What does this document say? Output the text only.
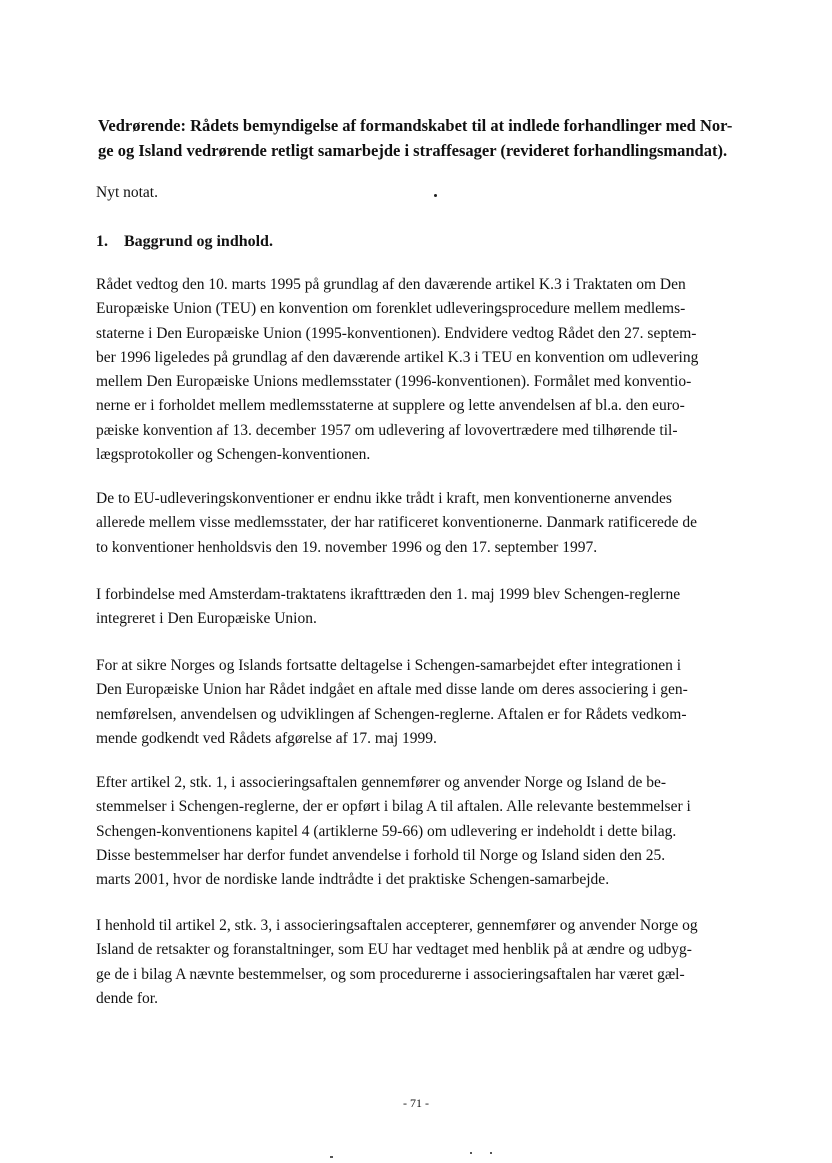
Vedrørende: Rådets bemyndigelse af formandskabet til at indlede forhandlinger med Nor-
ge og Island vedrørende retligt samarbejde i straffesager (revideret forhandlingsmandat).
Nyt notat.
1. Baggrund og indhold.
Rådet vedtog den 10. marts 1995 på grundlag af den daværende artikel K.3 i Traktaten om Den
Europæiske Union (TEU) en konvention om forenklet udleveringsprocedure mellem medlems-
staterne i Den Europæiske Union (1995-konventionen). Endvidere vedtog Rådet den 27. septem-
ber 1996 ligeledes på grundlag af den daværende artikel K.3 i TEU en konvention om udlevering
mellem Den Europæiske Unions medlemsstater (1996-konventionen). Formålet med konventio-
nerne er i forholdet mellem medlemsstaterne at supplere og lette anvendelsen af bl.a. den euro-
pæiske konvention af 13. december 1957 om udlevering af lovovertrædere med tilhørende til-
lægsprotokoller og Schengen-konventionen.
De to EU-udleveringskonventioner er endnu ikke trådt i kraft, men konventionerne anvendes
allerede mellem visse medlemsstater, der har ratificeret konventionerne. Danmark ratificerede de
to konventioner henholdsvis den 19. november 1996 og den 17. september 1997.
I forbindelse med Amsterdam-traktatens ikrafttræden den 1. maj 1999 blev Schengen-reglerne
integreret i Den Europæiske Union.
For at sikre Norges og Islands fortsatte deltagelse i Schengen-samarbejdet efter integrationen i
Den Europæiske Union har Rådet indgået en aftale med disse lande om deres associering i gen-
nemførelsen, anvendelsen og udviklingen af Schengen-reglerne. Aftalen er for Rådets vedkom-
mende godkendt ved Rådets afgørelse af 17. maj 1999.
Efter artikel 2, stk. 1, i associeringsaftalen gennemfører og anvender Norge og Island de be-
stemmelser i Schengen-reglerne, der er opført i bilag A til aftalen. Alle relevante bestemmelser i
Schengen-konventionens kapitel 4 (artiklerne 59-66) om udlevering er indeholdt i dette bilag.
Disse bestemmelser har derfor fundet anvendelse i forhold til Norge og Island siden den 25.
marts 2001, hvor de nordiske lande indtrådte i det praktiske Schengen-samarbejde.
I henhold til artikel 2, stk. 3, i associeringsaftalen accepterer, gennemfører og anvender Norge og
Island de retsakter og foranstaltninger, som EU har vedtaget med henblik på at ændre og udbyg-
ge de i bilag A nævnte bestemmelser, og som procedurerne i associeringsaftalen har været gæl-
dende for.
- 71 -
